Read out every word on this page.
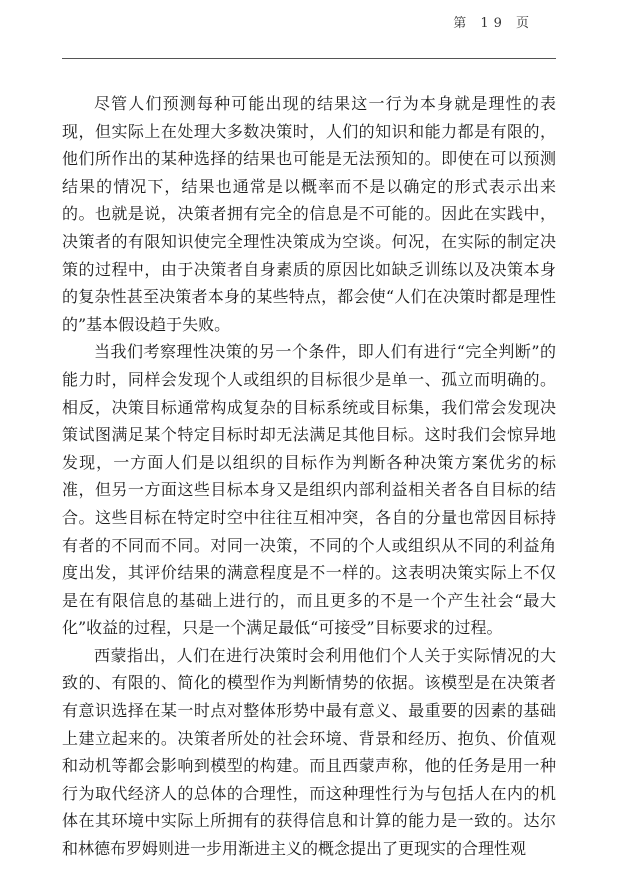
第 19 页

尽管人们预测每种可能出现的结果这一行为本身就是理性的表现，但实际上在处理大多数决策时，人们的知识和能力都是有限的，他们所作出的某种选择的结果也可能是无法预知的。即使在可以预测结果的情况下，结果也通常是以概率而不是以确定的形式表示出来的。也就是说，决策者拥有完全的信息是不可能的。因此在实践中，决策者的有限知识使完全理性决策成为空谈。何况，在实际的制定决策的过程中，由于决策者自身素质的原因比如缺乏训练以及决策本身的复杂性甚至决策者本身的某些特点，都会使“人们在决策时都是理性的”基本假设趋于失败。

当我们考察理性决策的另一个条件，即人们有进行“完全判断”的能力时，同样会发现个人或组织的目标很少是单一、孤立而明确的。相反，决策目标通常构成复杂的目标系统或目标集，我们常会发现决策试图满足某个特定目标时却无法满足其他目标。这时我们会惊异地发现，一方面人们是以组织的目标作为判断各种决策方案优劣的标准，但另一方面这些目标本身又是组织内部利益相关者各自目标的结合。这些目标在特定时空中往往互相冲突，各自的分量也常因目标持有者的不同而不同。对同一决策，不同的个人或组织从不同的利益角度出发，其评价结果的满意程度是不一样的。这表明决策实际上不仅是在有限信息的基础上进行的，而且更多的不是一个产生社会“最大化”收益的过程，只是一个满足最低“可接受”目标要求的过程。

西蒙指出，人们在进行决策时会利用他们个人关于实际情况的大致的、有限的、简化的模型作为判断情势的依据。该模型是在决策者有意识选择在某一时点对整体形势中最有意义、最重要的因素的基础上建立起来的。决策者所处的社会环境、背景和经历、抱负、价值观和动机等都会影响到模型的构建。而且西蒙声称，他的任务是用一种行为取代经济人的总体的合理性，而这种理性行为与包括人在内的机体在其环境中实际上所拥有的获得信息和计算的能力是一致的。达尔和林德布罗姆则进一步用渐进主义的概念提出了更现实的合理性观
